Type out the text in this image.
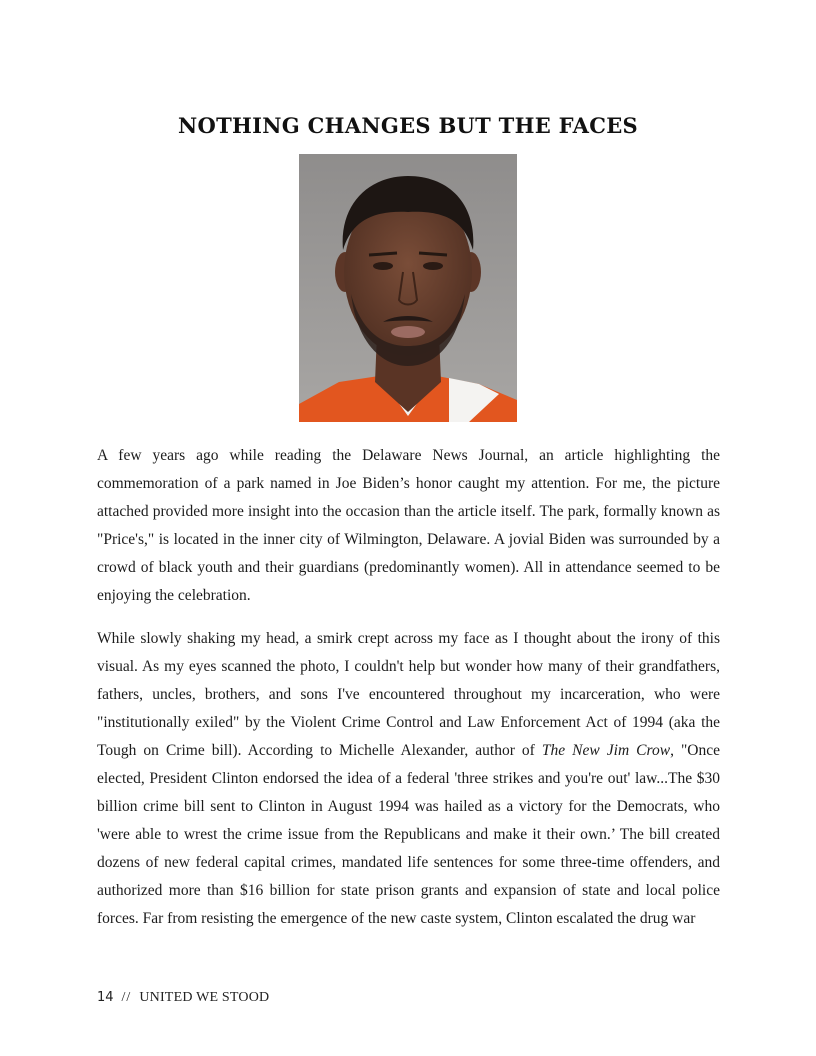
NOTHING CHANGES BUT THE FACES

A few years ago while reading the Delaware News Journal, an article highlighting the commemoration of a park named in Joe Biden’s honor caught my attention. For me, the picture attached provided more insight into the occasion than the article itself. The park, formally known as "Price's," is located in the inner city of Wilmington, Delaware. A jovial Biden was surrounded by a crowd of black youth and their guardians (predominantly women). All in attendance seemed to be enjoying the celebration.

While slowly shaking my head, a smirk crept across my face as I thought about the irony of this visual. As my eyes scanned the photo, I couldn't help but wonder how many of their grandfathers, fathers, uncles, brothers, and sons I've encountered throughout my incarceration, who were "institutionally exiled" by the Violent Crime Control and Law Enforcement Act of 1994 (aka the Tough on Crime bill). According to Michelle Alexander, author of The New Jim Crow, "Once elected, President Clinton endorsed the idea of a federal 'three strikes and you're out' law...The $30 billion crime bill sent to Clinton in August 1994 was hailed as a victory for the Democrats, who 'were able to wrest the crime issue from the Republicans and make it their own.’ The bill created dozens of new federal capital crimes, mandated life sentences for some three-time offenders, and authorized more than $16 billion for state prison grants and expansion of state and local police forces. Far from resisting the emergence of the new caste system, Clinton escalated the drug war

14 // UNITED WE STOOD
